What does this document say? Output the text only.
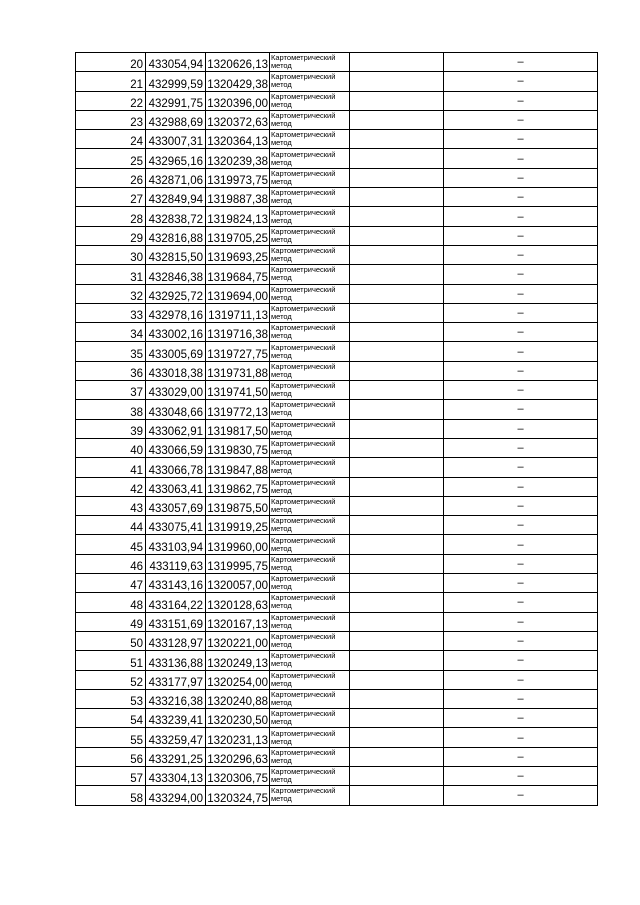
20	433054,94	1320626,13	Картометрический метод		–
21	432999,59	1320429,38	Картометрический метод		–
22	432991,75	1320396,00	Картометрический метод		–
23	432988,69	1320372,63	Картометрический метод		–
24	433007,31	1320364,13	Картометрический метод		–
25	432965,16	1320239,38	Картометрический метод		–
26	432871,06	1319973,75	Картометрический метод		–
27	432849,94	1319887,38	Картометрический метод		–
28	432838,72	1319824,13	Картометрический метод		–
29	432816,88	1319705,25	Картометрический метод		–
30	432815,50	1319693,25	Картометрический метод		–
31	432846,38	1319684,75	Картометрический метод		–
32	432925,72	1319694,00	Картометрический метод		–
33	432978,16	1319711,13	Картометрический метод		–
34	433002,16	1319716,38	Картометрический метод		–
35	433005,69	1319727,75	Картометрический метод		–
36	433018,38	1319731,88	Картометрический метод		–
37	433029,00	1319741,50	Картометрический метод		–
38	433048,66	1319772,13	Картометрический метод		–
39	433062,91	1319817,50	Картометрический метод		–
40	433066,59	1319830,75	Картометрический метод		–
41	433066,78	1319847,88	Картометрический метод		–
42	433063,41	1319862,75	Картометрический метод		–
43	433057,69	1319875,50	Картометрический метод		–
44	433075,41	1319919,25	Картометрический метод		–
45	433103,94	1319960,00	Картометрический метод		–
46	433119,63	1319995,75	Картометрический метод		–
47	433143,16	1320057,00	Картометрический метод		–
48	433164,22	1320128,63	Картометрический метод		–
49	433151,69	1320167,13	Картометрический метод		–
50	433128,97	1320221,00	Картометрический метод		–
51	433136,88	1320249,13	Картометрический метод		–
52	433177,97	1320254,00	Картометрический метод		–
53	433216,38	1320240,88	Картометрический метод		–
54	433239,41	1320230,50	Картометрический метод		–
55	433259,47	1320231,13	Картометрический метод		–
56	433291,25	1320296,63	Картометрический метод		–
57	433304,13	1320306,75	Картометрический метод		–
58	433294,00	1320324,75	Картометрический метод		–
